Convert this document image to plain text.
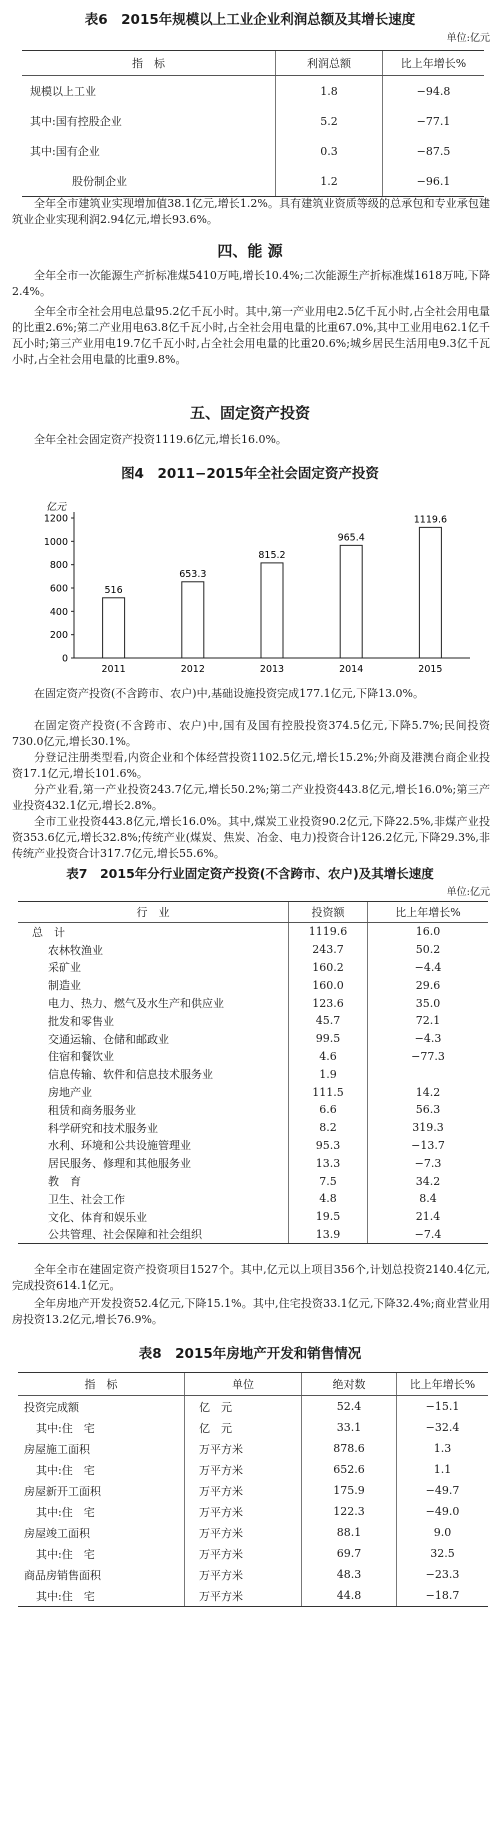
表6　2015年规模以上工业企业利润总额及其增长速度
单位:亿元
指　标	利润总额	比上年增长%
规模以上工业	1.8	−94.8
其中:国有控股企业	5.2	−77.1
其中:国有企业	0.3	−87.5
股份制企业	1.2	−96.1

全年全市建筑业实现增加值38.1亿元,增长1.2%。具有建筑业资质等级的总承包和专业承包建筑业企业实现利润2.94亿元,增长93.6%。

四、能 源

全年全市一次能源生产折标准煤5410万吨,增长10.4%;二次能源生产折标准煤1618万吨,下降2.4%。

全年全市全社会用电总量95.2亿千瓦小时。其中,第一产业用电2.5亿千瓦小时,占全社会用电量的比重2.6%;第二产业用电63.8亿千瓦小时,占全社会用电量的比重67.0%,其中工业用电62.1亿千瓦小时;第三产业用电19.7亿千瓦小时,占全社会用电量的比重20.6%;城乡居民生活用电9.3亿千瓦小时,占全社会用电量的比重9.8%。

五、固定资产投资

全年全社会固定资产投资1119.6亿元,增长16.0%。

图4　2011−2015年全社会固定资产投资
亿元
0
200
400
600
800
1000
1200
516
2011
653.3
2012
815.2
2013
965.4
2014
1119.6
2015

在固定资产投资(不含跨市、农户)中,基础设施投资完成177.1亿元,下降13.0%。

在固定资产投资(不含跨市、农户)中,国有及国有控股投资374.5亿元,下降5.7%;民间投资730.0亿元,增长30.1%。

分登记注册类型看,内资企业和个体经营投资1102.5亿元,增长15.2%;外商及港澳台商企业投资17.1亿元,增长101.6%。

分产业看,第一产业投资243.7亿元,增长50.2%;第二产业投资443.8亿元,增长16.0%;第三产业投资432.1亿元,增长2.8%。

全市工业投资443.8亿元,增长16.0%。其中,煤炭工业投资90.2亿元,下降22.5%,非煤产业投资353.6亿元,增长32.8%;传统产业(煤炭、焦炭、冶金、电力)投资合计126.2亿元,下降29.3%,非传统产业投资合计317.7亿元,增长55.6%。

表7　2015年分行业固定资产投资(不含跨市、农户)及其增长速度
单位:亿元
行　业	投资额	比上年增长%
总　计	1119.6	16.0
农林牧渔业	243.7	50.2
采矿业	160.2	−4.4
制造业	160.0	29.6
电力、热力、燃气及水生产和供应业	123.6	35.0
批发和零售业	45.7	72.1
交通运输、仓储和邮政业	99.5	−4.3
住宿和餐饮业	4.6	−77.3
信息传输、软件和信息技术服务业	1.9	
房地产业	111.5	14.2
租赁和商务服务业	6.6	56.3
科学研究和技术服务业	8.2	319.3
水利、环境和公共设施管理业	95.3	−13.7
居民服务、修理和其他服务业	13.3	−7.3
教　育	7.5	34.2
卫生、社会工作	4.8	8.4
文化、体育和娱乐业	19.5	21.4
公共管理、社会保障和社会组织	13.9	−7.4

全年全市在建固定资产投资项目1527个。其中,亿元以上项目356个,计划总投资2140.4亿元,完成投资614.1亿元。

全年房地产开发投资52.4亿元,下降15.1%。其中,住宅投资33.1亿元,下降32.4%;商业营业用房投资13.2亿元,增长76.9%。

表8　2015年房地产开发和销售情况
指　标	单位	绝对数	比上年增长%
投资完成额	亿　元	52.4	−15.1
其中:住　宅	亿　元	33.1	−32.4
房屋施工面积	万平方米	878.6	1.3
其中:住　宅	万平方米	652.6	1.1
房屋新开工面积	万平方米	175.9	−49.7
其中:住　宅	万平方米	122.3	−49.0
房屋竣工面积	万平方米	88.1	9.0
其中:住　宅	万平方米	69.7	32.5
商品房销售面积	万平方米	48.3	−23.3
其中:住　宅	万平方米	44.8	−18.7
